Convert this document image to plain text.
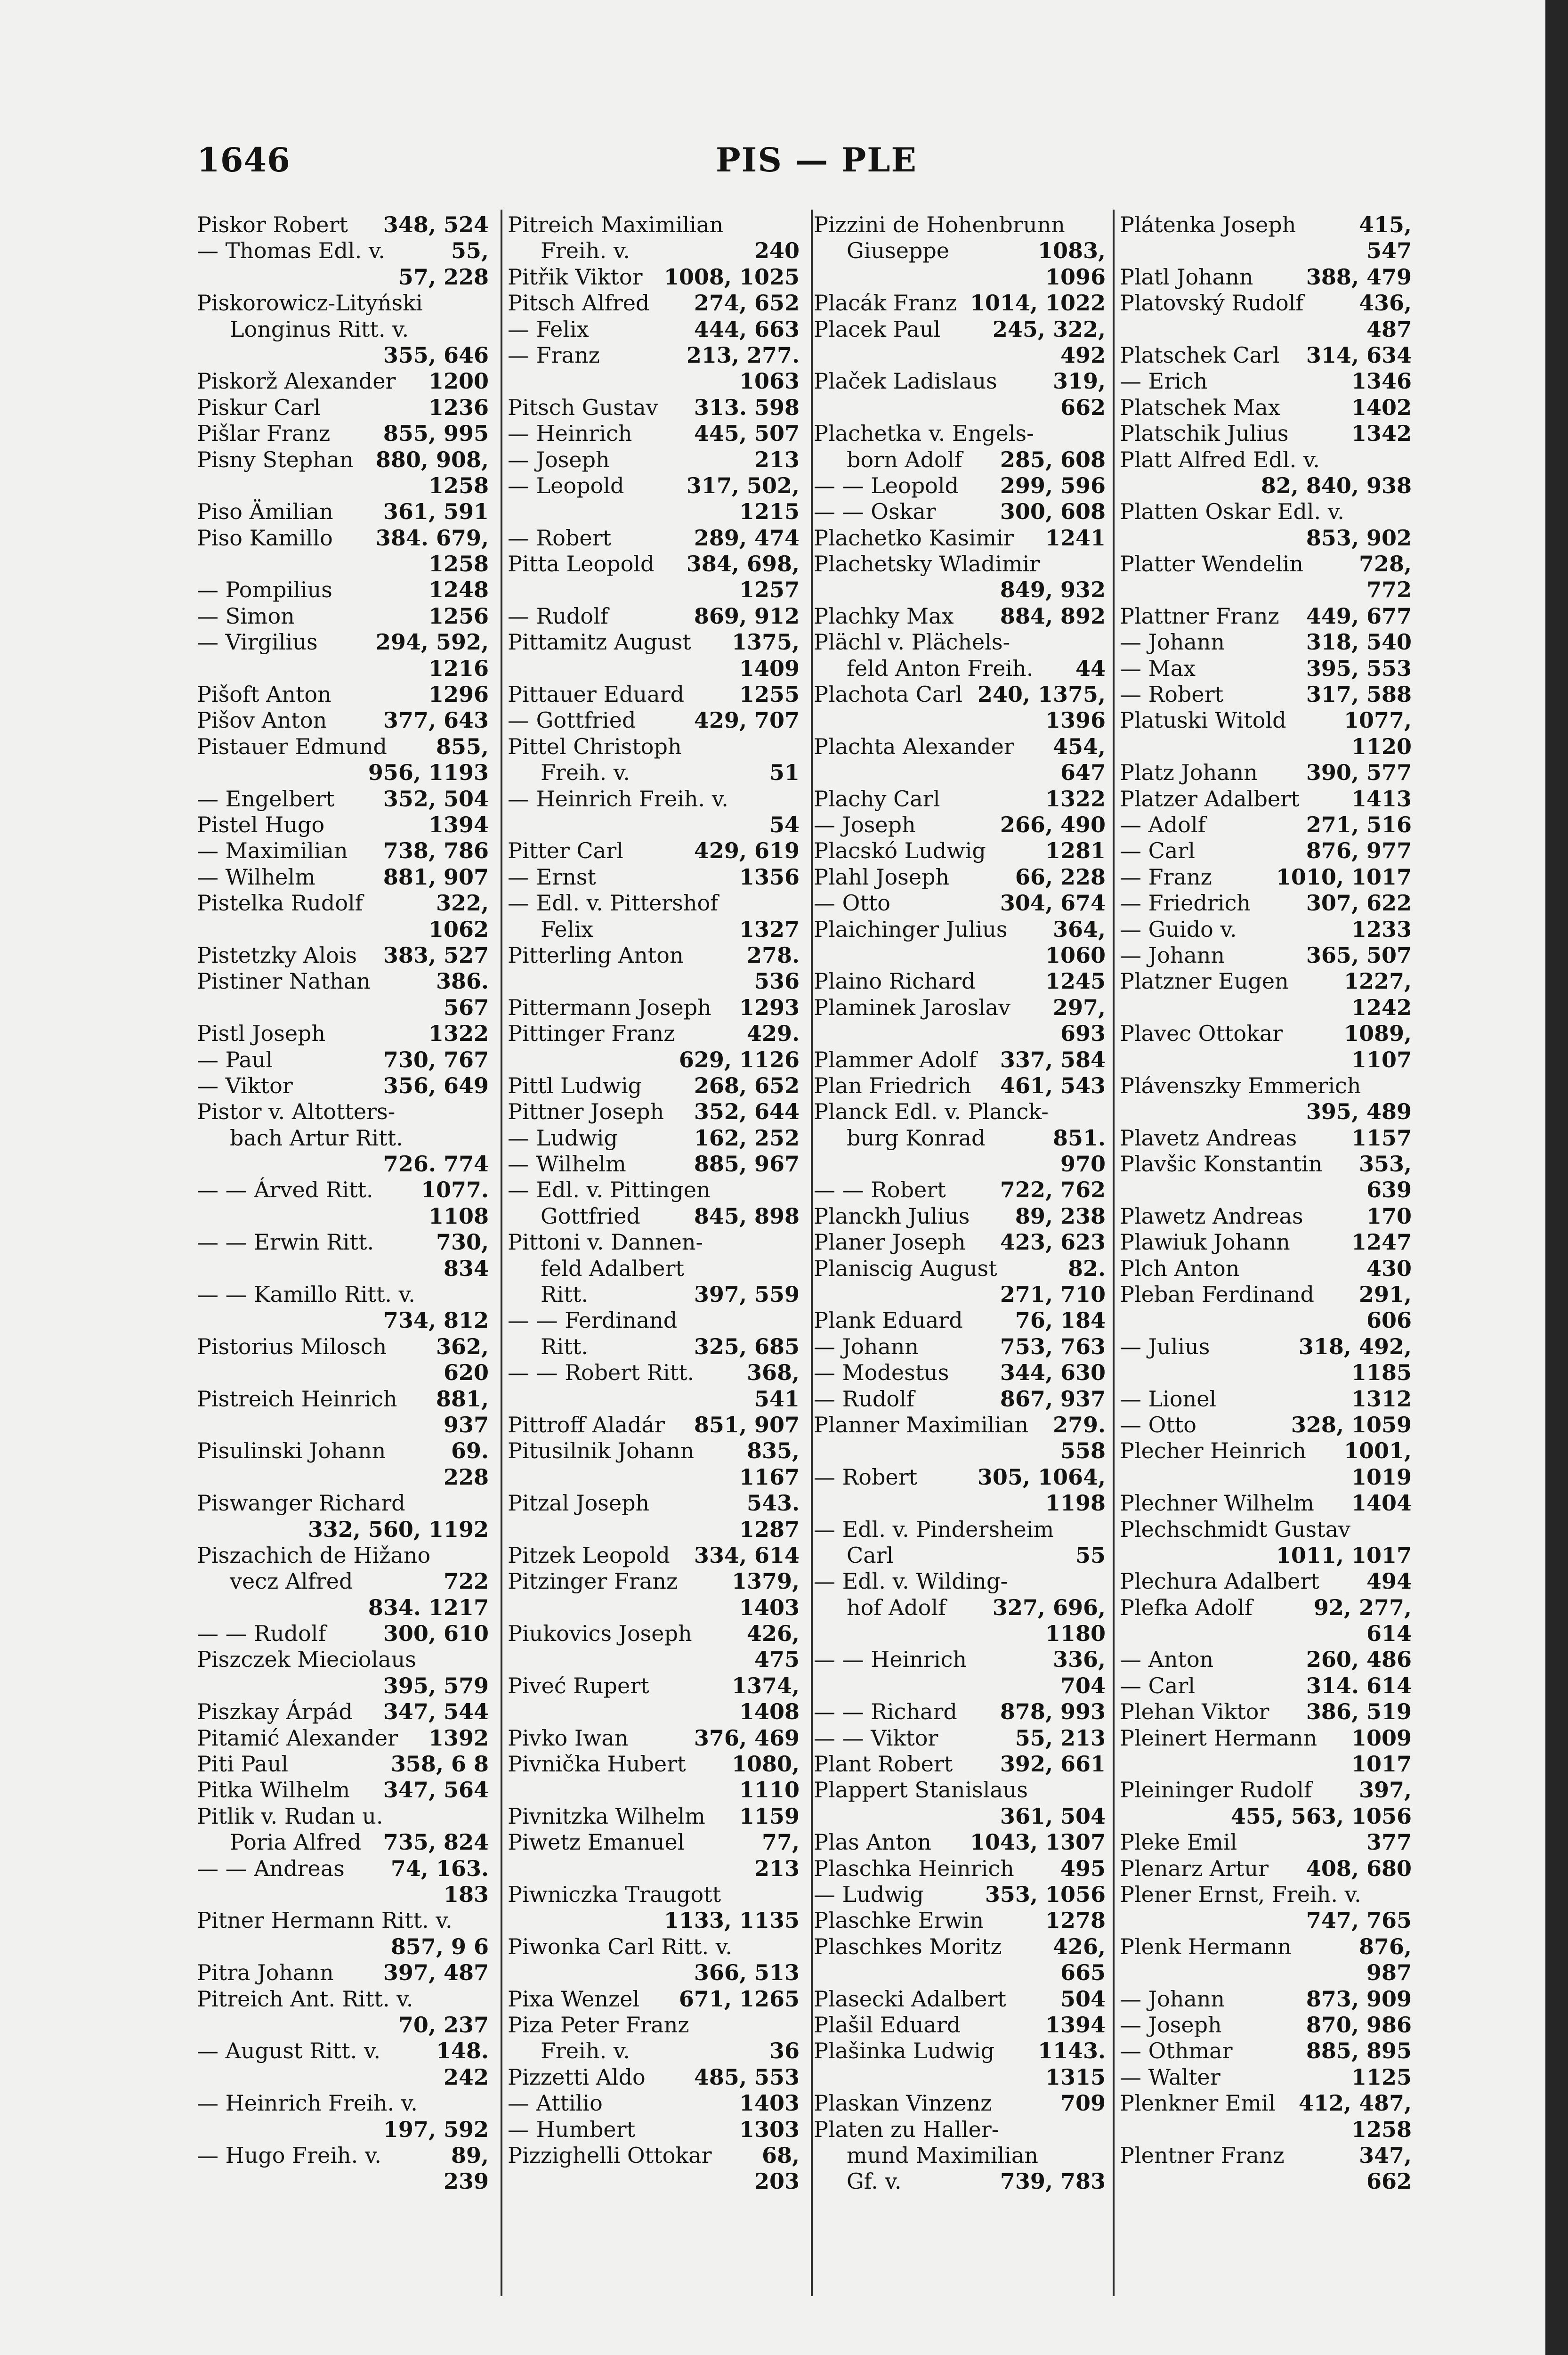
1646	PIS — PLE
Piskor Robert 348, 524
— Thomas Edl. v.	55,
57, 228
Piskorowicz-Lityński
Longinus Ritt. v.
355, 646
Piskorž Alexander 1200
Piskur Carl	1236
Pišlar Franz 855, 995
Pisny Stephan 880, 908,
1258
Piso Ämilian 361, 591
Piso Kamillo 384. 679,
1258
— Pompilius	1248
— Simon	1256
— Virgilius	294, 592,
1216
Pišoft Anton	1296
Pišov Anton	377, 643
Pistauer Edmund 855,
956, 1193
— Engelbert 352, 504
Pistel Hugo	1394
— Maximilian 738, 786
— Wilhelm	881, 907
Pistelka Rudolf	322,
1062
Pistetzky Alois 383, 527
Pistiner Nathan	386.
567
Pistl Joseph	1322
— Paul	730, 767
— Viktor	356, 649
Pistor v. Altotters-
bach Artur Ritt.
726. 774
— — Árved Ritt. 1077.
1108
— — Erwin Ritt.	730,
834
— — Kamillo Ritt. v.
734, 812
Pistorius Milosch 362,
620
Pistreich Heinrich 881,
937
Pisulinski Johann	69.
228
Piswanger Richard
332, 560, 1192
Piszachich de Hižano
vecz Alfred	722
834. 1217
— — Rudolf	300, 610
Piszczek Mieciolaus
395, 579
Piszkay Árpád 347, 544
Pitamić Alexander 1392
Piti Paul	358, 6 8
Pitka Wilhelm 347, 564
Pitlik v. Rudan u.
Poria Alfred 735, 824
— — Andreas 74, 163.
183
Pitner Hermann Ritt. v.
857, 9 6
Pitra Johann 397, 487
Pitreich Ant. Ritt. v.
70, 237
— August Ritt. v.	148.
242
— Heinrich Freih. v.
197, 592
— Hugo Freih. v.	89,
239
Pitreich Maximilian
Freih. v.	240
Pitřik Viktor 1008, 1025
Pitsch Alfred 274, 652
— Felix	444, 663
— Franz	213, 277.
1063
Pitsch Gustav 313. 598
— Heinrich	445, 507
— Joseph	213
— Leopold	317, 502,
1215
— Robert	289, 474
Pitta Leopold 384, 698,
1257
— Rudolf	869, 912
Pittamitz August 1375,
1409
Pittauer Eduard	1255
— Gottfried	429, 707
Pittel Christoph
Freih. v.	51
— Heinrich Freih. v.
54
Pitter Carl	429, 619
— Ernst	1356
— Edl. v. Pittershof
Felix	1327
Pitterling Anton	278.
536
Pittermann Joseph 1293
Pittinger Franz	429.
629, 1126
Pittl Ludwig 268, 652
Pittner Joseph 352, 644
— Ludwig	162, 252
— Wilhelm	885, 967
— Edl. v. Pittingen
Gottfried 845, 898
Pittoni v. Dannen-
feld Adalbert
Ritt.	397, 559
— — Ferdinand
Ritt.	325, 685
— — Robert Ritt. 368,
541
Pittroff Aladár 851, 907
Pitusilnik Johann 835,
1167
Pitzal Joseph	543.
1287
Pitzek Leopold 334, 614
Pitzinger Franz 1379,
1403
Piukovics Joseph	426,
475
Piveć Rupert	1374,
1408
Pivko Iwan	376, 469
Pivnička Hubert 1080,
1110
Pivnitzka Wilhelm 1159
Piwetz Emanuel	77,
213
Piwniczka Traugott
1133, 1135
Piwonka Carl Ritt. v.
366, 513
Pixa Wenzel 671, 1265
Piza Peter Franz
Freih. v.	36
Pizzetti Aldo 485, 553
— Attilio	1403
— Humbert	1303
Pizzighelli Ottokar 68,
203
Pizzini de Hohenbrunn
Giuseppe	1083,
1096
Placák Franz 1014, 1022
Placek Paul 245, 322,
492
Plaček Ladislaus	319,
662
Plachetka v. Engels-
born Adolf 285, 608
— — Leopold 299, 596
— — Oskar	300, 608
Plachetko Kasimir 1241
Plachetsky Wladimir
849, 932
Plachky Max 884, 892
Plächl v. Plächels-
feld Anton Freih. 44
Plachota Carl 240, 1375,
1396
Plachta Alexander 454,
647
Plachy Carl	1322
— Joseph	266, 490
Placskó Ludwig	1281
Plahl Joseph	66, 228
— Otto	304, 674
Plaichinger Julius 364,
1060
Plaino Richard	1245
Plaminek Jaroslav 297,
693
Plammer Adolf 337, 584
Plan Friedrich 461, 543
Planck Edl. v. Planck-
burg Konrad	851.
970
— — Robert	722, 762
Planckh Julius 89, 238
Planer Joseph 423, 623
Planiscig August	82.
271, 710
Plank Eduard 76, 184
— Johann	753, 763
— Modestus 344, 630
— Rudolf	867, 937
Planner Maximilian 279.
558
— Robert	305, 1064,
1198
— Edl. v. Pindersheim
Carl	55
— Edl. v. Wilding-
hof Adolf 327, 696,
1180
— — Heinrich	336,
704
— — Richard 878, 993
— — Viktor	55, 213
Plant Robert 392, 661
Plappert Stanislaus
361, 504
Plas Anton 1043, 1307
Plaschka Heinrich 495
— Ludwig	353, 1056
Plaschke Erwin	1278
Plaschkes Moritz 426,
665
Plasecki Adalbert	504
Plašil Eduard	1394
Plašinka Ludwig 1143.
1315
Plaskan Vinzenz	709
Platen zu Haller-
mund Maximilian
Gf. v.	739, 783
Plátenka Joseph	415,
547
Platl Johann 388, 479
Platovský Rudolf	436,
487
Platschek Carl 314, 634
— Erich	1346
Platschek Max	1402
Platschik Julius	1342
Platt Alfred Edl. v.
82, 840, 938
Platten Oskar Edl. v.
853, 902
Platter Wendelin	728,
772
Plattner Franz 449, 677
— Johann	318, 540
— Max	395, 553
— Robert	317, 588
Platuski Witold	1077,
1120
Platz Johann 390, 577
Platzer Adalbert 1413
— Adolf	271, 516
— Carl	876, 977
— Franz	1010, 1017
— Friedrich	307, 622
— Guido v.	1233
— Johann	365, 507
Platzner Eugen	1227,
1242
Plavec Ottokar	1089,
1107
Plávenszky Emmerich
395, 489
Plavetz Andreas	1157
Plavšic Konstantin 353,
639
Plawetz Andreas	170
Plawiuk Johann	1247
Plch Anton	430
Pleban Ferdinand 291,
606
— Julius	318, 492,
1185
— Lionel	1312
— Otto	328, 1059
Plecher Heinrich 1001,
1019
Plechner Wilhelm 1404
Plechschmidt Gustav
1011, 1017
Plechura Adalbert 494
Plefka Adolf	92, 277,
614
— Anton	260, 486
— Carl	314. 614
Plehan Viktor 386, 519
Pleinert Hermann 1009
1017
Pleininger Rudolf 397,
455, 563, 1056
Pleke Emil	377
Plenarz Artur 408, 680
Plener Ernst, Freih. v.
747, 765
Plenk Hermann	876,
987
— Johann	873, 909
— Joseph	870, 986
— Othmar	885, 895
— Walter	1125
Plenkner Emil 412, 487,
1258
Plentner Franz	347,
662
